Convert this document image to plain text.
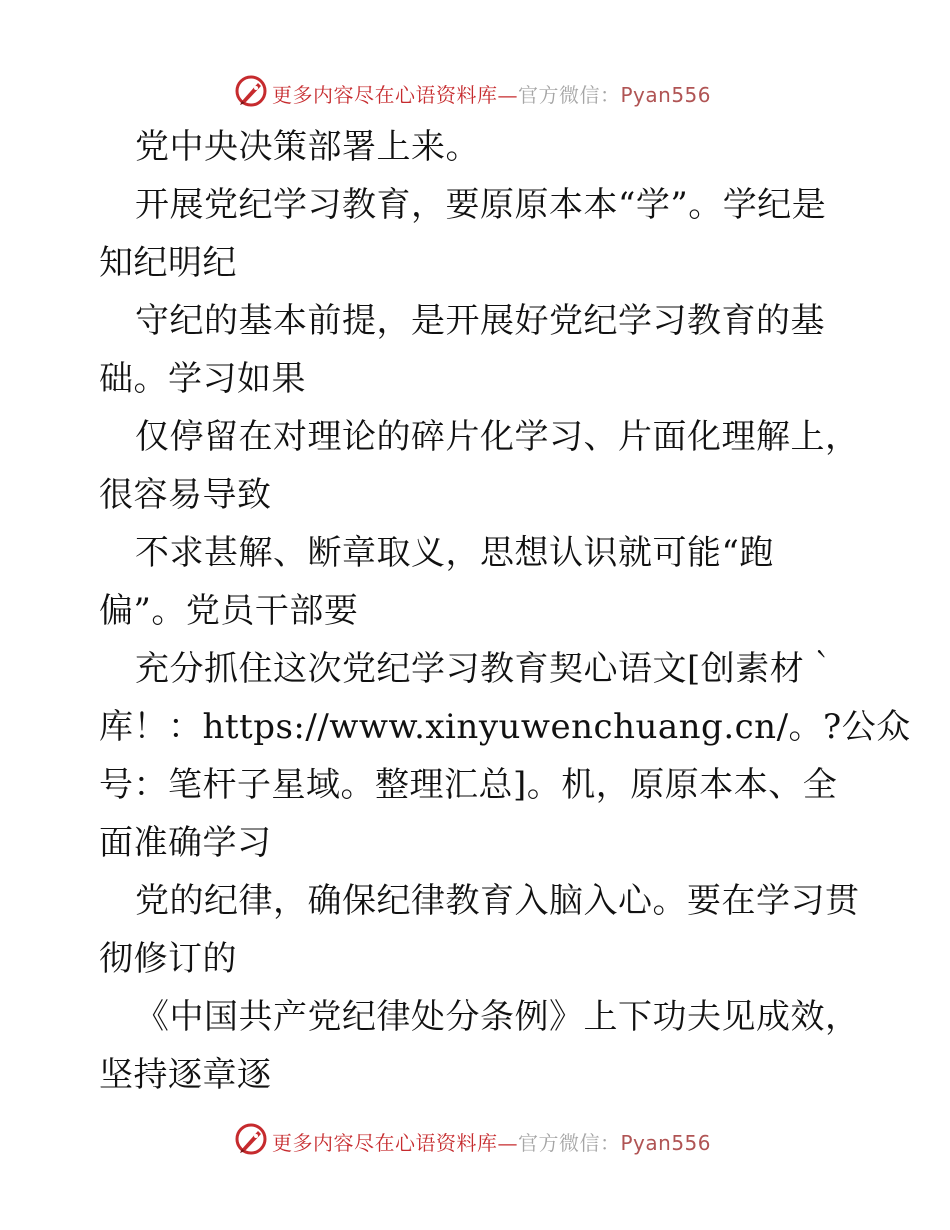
更多内容尽在心语资料库—官方微信：Pyan556
党中央决策部署上来。
开展党纪学习教育，要原原本本“学”。学纪是
知纪明纪
守纪的基本前提，是开展好党纪学习教育的基
础。学习如果
仅停留在对理论的碎片化学习、片面化理解上，
很容易导致
不求甚解、断章取义，思想认识就可能“跑
偏”。党员干部要
充分抓住这次党纪学习教育契心语文[创素材｀
库！：https://www.xinyuwenchuang.cn/。?公众
号：笔杆子星域。整理汇总]。机，原原本本、全
面准确学习
党的纪律，确保纪律教育入脑入心。要在学习贯
彻修订的
《中国共产党纪律处分条例》上下功夫见成效，
坚持逐章逐
更多内容尽在心语资料库—官方微信：Pyan556
